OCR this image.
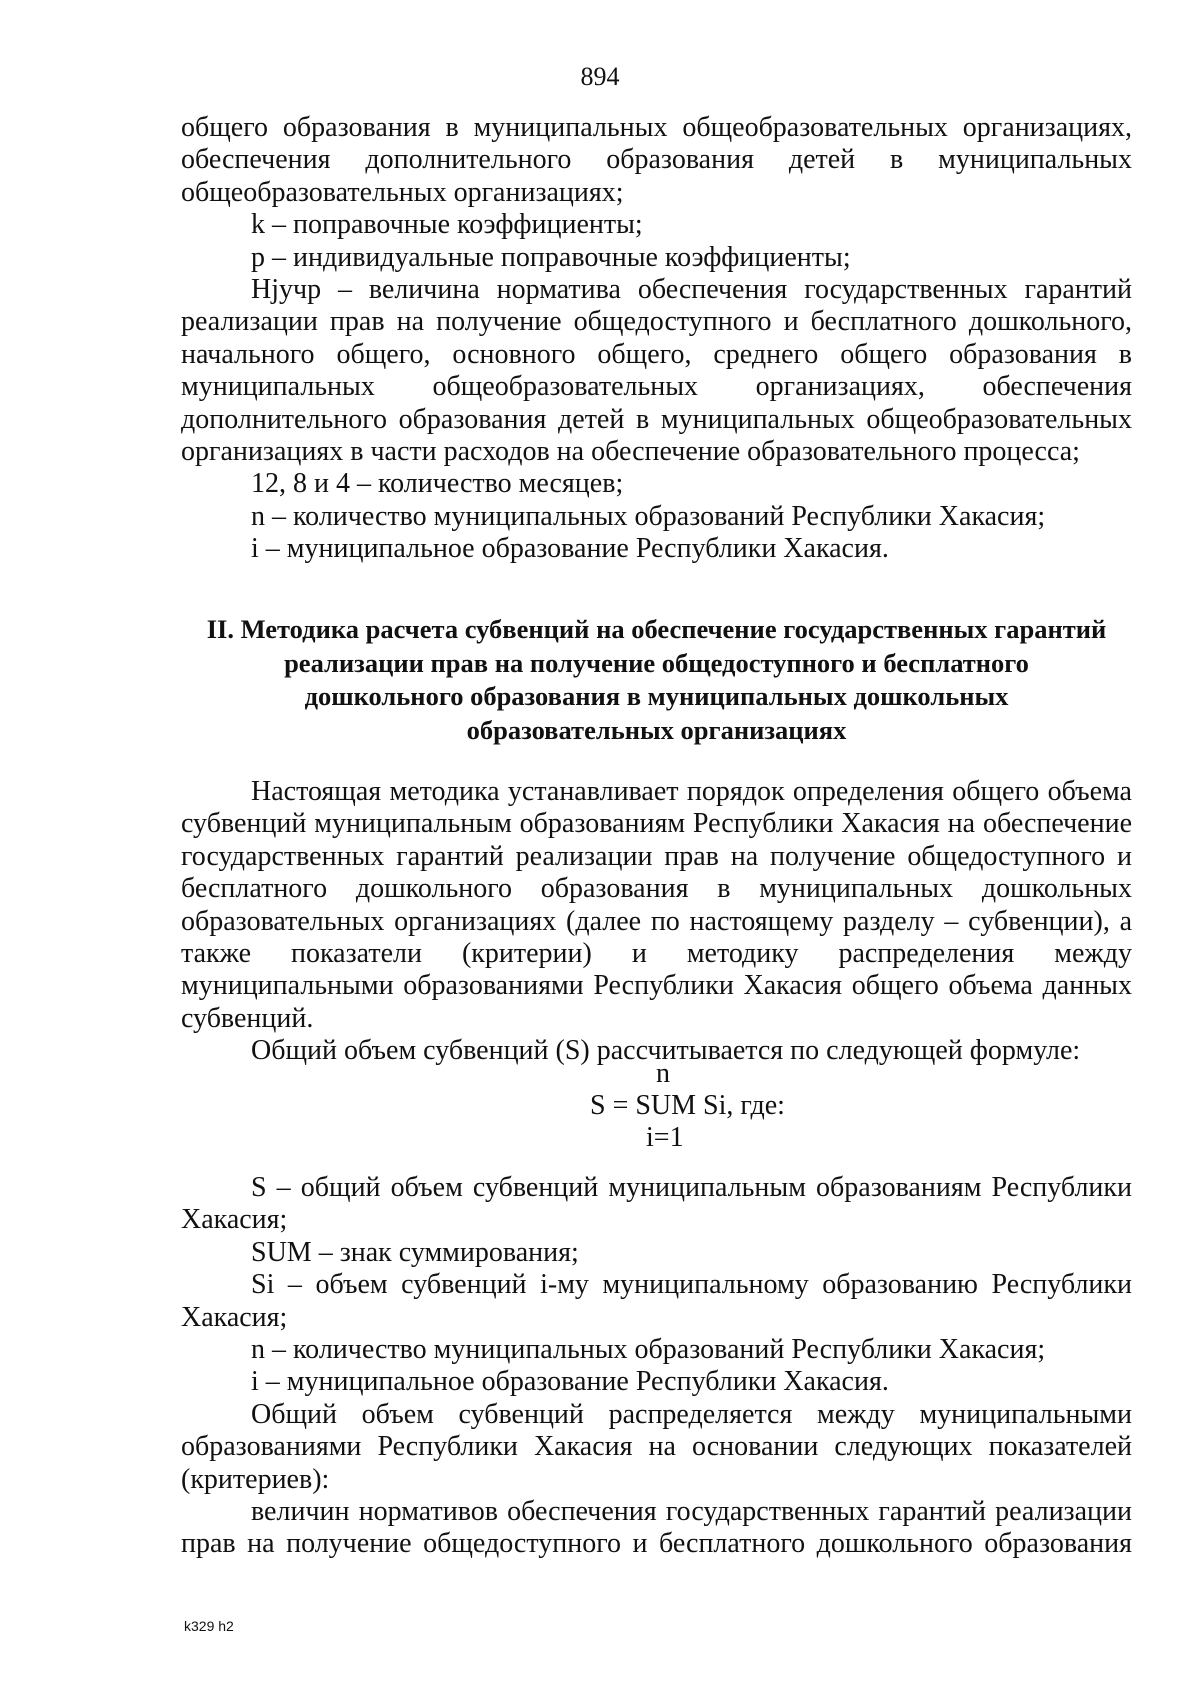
894

общего образования в муниципальных общеобразовательных организациях, обеспечения дополнительного образования детей в муниципальных общеобразовательных организациях;

k – поправочные коэффициенты;

p – индивидуальные поправочные коэффициенты;

Hjучр – величина норматива обеспечения государственных гарантий реализации прав на получение общедоступного и бесплатного дошкольного, начального общего, основного общего, среднего общего образования в муниципальных общеобразовательных организациях, обеспечения дополнительного образования детей в муниципальных общеобразовательных организациях в части расходов на обеспечение образовательного процесса;

12, 8 и 4 – количество месяцев;

n – количество муниципальных образований Республики Хакасия;

i – муниципальное образование Республики Хакасия.

II. Методика расчета субвенций на обеспечение государственных гарантий
реализации прав на получение общедоступного и бесплатного
дошкольного образования в муниципальных дошкольных
образовательных организациях

Настоящая методика устанавливает порядок определения общего объема субвенций муниципальным образованиям Республики Хакасия на обеспечение государственных гарантий реализации прав на получение общедоступного и бесплатного дошкольного образования в муниципальных дошкольных образовательных организациях (далее по настоящему разделу – субвенции), а также показатели (критерии) и методику распределения между муниципальными образованиями Республики Хакасия общего объема данных субвенций.

Общий объем субвенций (S) рассчитывается по следующей формуле:

n
S = SUM Si, где:
i=1

S – общий объем субвенций муниципальным образованиям Республики Хакасия;

SUM – знак суммирования;

Si – объем субвенций i-му муниципальному образованию Республики Хакасия;

n – количество муниципальных образований Республики Хакасия;

i – муниципальное образование Республики Хакасия.

Общий объем субвенций распределяется между муниципальными образованиями Республики Хакасия на основании следующих показателей (критериев):

величин нормативов обеспечения государственных гарантий реализации прав на получение общедоступного и бесплатного дошкольного образования

k329 h2
